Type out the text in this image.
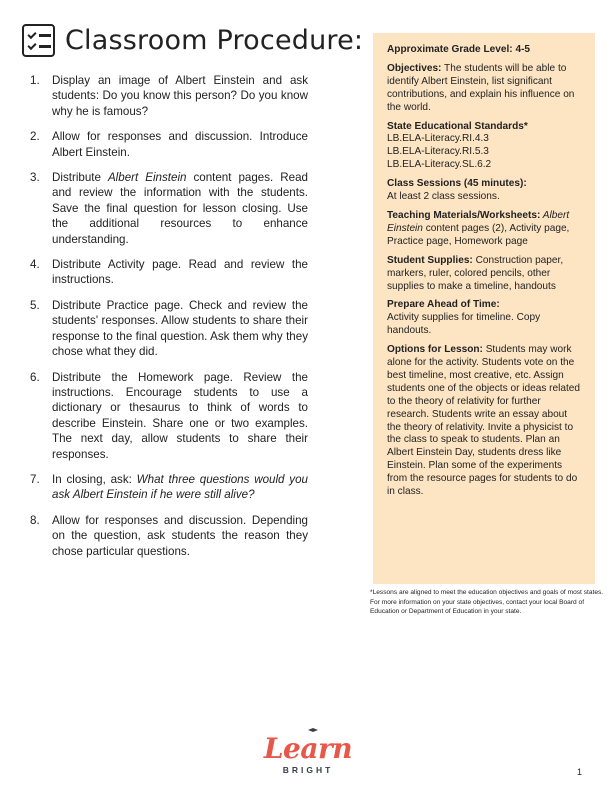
Classroom Procedure:
1.	Display an image of Albert Einstein and ask students: Do you know this person? Do you know why he is famous?
2.	Allow for responses and discussion. Introduce Albert Einstein.
3.	Distribute Albert Einstein content pages. Read and review the information with the students. Save the final question for lesson closing. Use the additional resources to enhance understanding.
4.	Distribute Activity page. Read and review the instructions.
5.	Distribute Practice page. Check and review the students' responses. Allow students to share their response to the final question. Ask them why they chose what they did.
6.	Distribute the Homework page. Review the instructions. Encourage students to use a dictionary or thesaurus to think of words to describe Einstein. Share one or two examples. The next day, allow students to share their responses.
7.	In closing, ask: What three questions would you ask Albert Einstein if he were still alive?
8.	Allow for responses and discussion. Depending on the question, ask students the reason they chose particular questions.
Approximate Grade Level: 4-5
Objectives: The students will be able to identify Albert Einstein, list significant contributions, and explain his influence on the world.
State Educational Standards*
LB.ELA-Literacy.RI.4.3
LB.ELA-Literacy.RI.5.3
LB.ELA-Literacy.SL.6.2
Class Sessions (45 minutes):
At least 2 class sessions.
Teaching Materials/Worksheets: Albert Einstein content pages (2), Activity page, Practice page, Homework page
Student Supplies: Construction paper, markers, ruler, colored pencils, other supplies to make a timeline, handouts
Prepare Ahead of Time:
Activity supplies for timeline. Copy handouts.
Options for Lesson: Students may work alone for the activity. Students vote on the best timeline, most creative, etc. Assign students one of the objects or ideas related to the theory of relativity for further research. Students write an essay about the theory of relativity. Invite a physicist to the class to speak to students. Plan an Albert Einstein Day, students dress like Einstein. Plan some of the experiments from the resource pages for students to do in class.
*Lessons are aligned to meet the education objectives and goals of most states. For more information on your state objectives, contact your local Board of Education or Department of Education in your state.
Learn
BRIGHT	1
